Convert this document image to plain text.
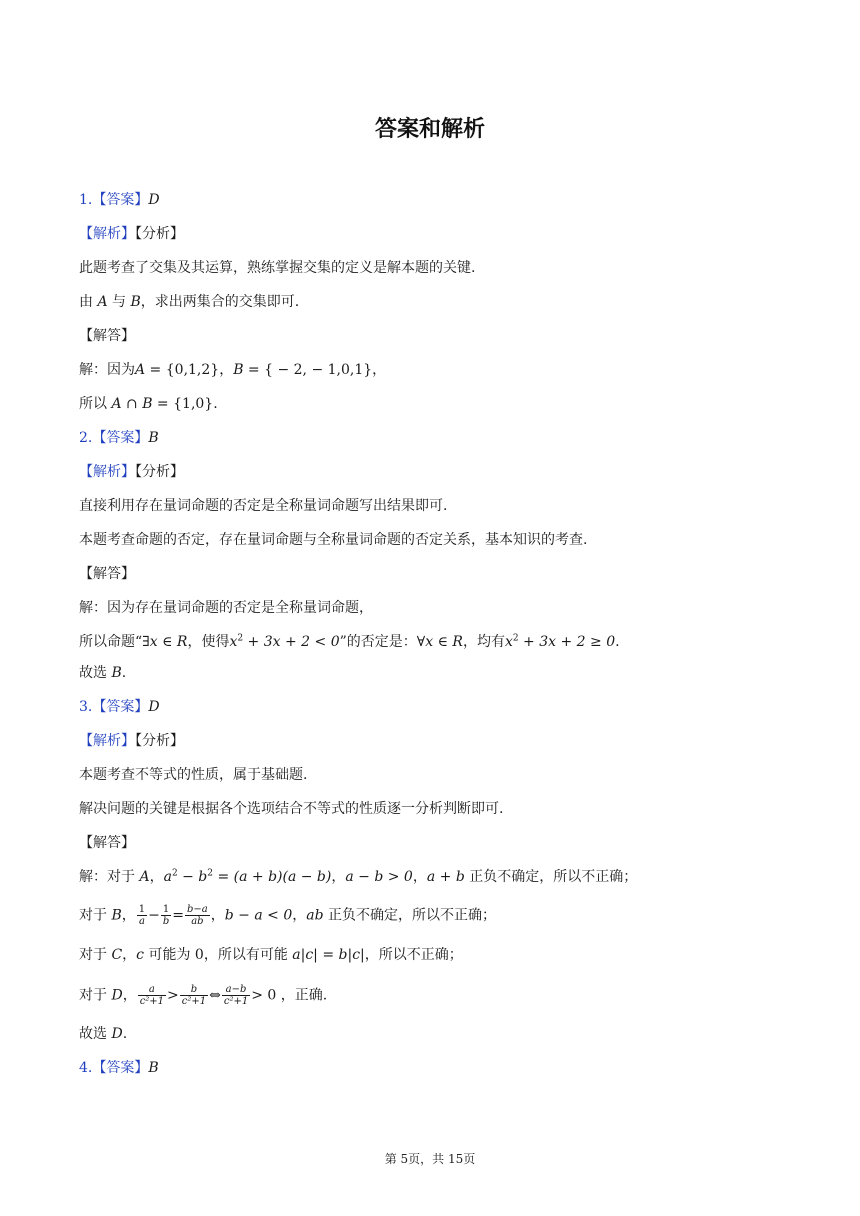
答案和解析
1.【答案】D
【解析】【分析】
此题考查了交集及其运算，熟练掌握交集的定义是解本题的关键.
由 A 与 B，求出两集合的交集即可.
【解答】
解：因为A = {0,1,2}，B = { − 2, − 1,0,1}，
所以 A ∩ B = {1,0}.
2.【答案】B
【解析】【分析】
直接利用存在量词命题的否定是全称量词命题写出结果即可.
本题考查命题的否定，存在量词命题与全称量词命题的否定关系，基本知识的考查.
【解答】
解：因为存在量词命题的否定是全称量词命题，
所以命题“∃x ∈ R，使得$x^2 + 3x + 2 < 0$”的否定是：∀x ∈ R，均有$x^2 + 3x + 2 \ge 0$.
故选 B.
3.【答案】D
【解析】【分析】
本题考查不等式的性质，属于基础题.
解决问题的关键是根据各个选项结合不等式的性质逐一分析判断即可.
【解答】
解：对于 A，$a^2 - b^2 = (a + b)(a - b)$，a − b > 0，a + b 正负不确定，所以不正确；
对于 B， $\frac{1}{a} - \frac{1}{b} = \frac{b-a}{ab}$ ，b − a < 0，ab 正负不确定，所以不正确；
对于 C，c 可能为 0，所以有可能 a|c| = b|c|，所以不正确；
对于 D， $\frac{a}{\text{c²+1}} > \frac{b}{\text{c²+1}}$ ⇔ $\frac{a-b}{\text{c²+1}} > 0$ ，正确.
故选 D.
4.【答案】B
第 5页，共 15页
